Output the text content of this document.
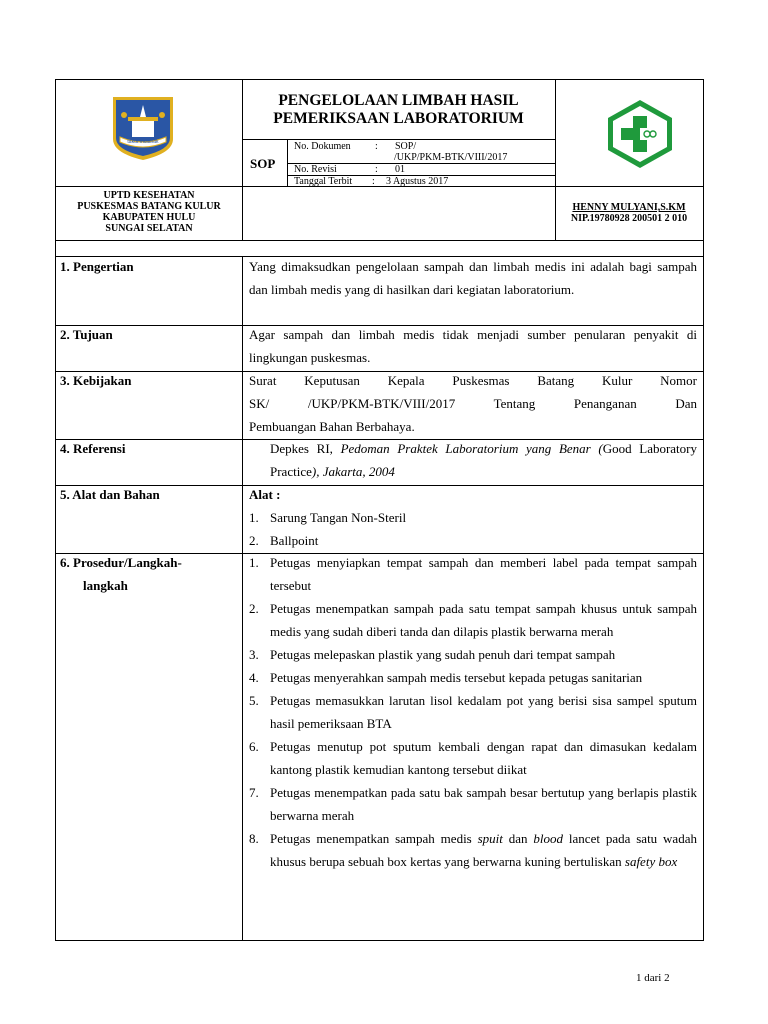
takut mulahak
PENGELOLAAN LIMBAH HASIL
PEMERIKSAAN LABORATORIUM
SOP
No. Dokumen : SOP/
/UKP/PKM-BTK/VIII/2017
No. Revisi	: 01
Tanggal Terbit : 3 Agustus 2017
UPTD KESEHATAN
PUSKESMAS BATANG KULUR
KABUPATEN HULU
SUNGAI SELATAN
HENNY MULYANI,S.KM
NIP.19780928 200501 2 010
1. Pengertian	Yang dimaksudkan pengelolaan sampah dan limbah medis ini adalah bagi sampah dan limbah medis yang di hasilkan dari kegiatan laboratorium.
2. Tujuan	Agar sampah dan limbah medis tidak menjadi sumber penularan penyakit di lingkungan puskesmas.
3. Kebijakan	Surat Keputusan Kepala Puskesmas Batang Kulur Nomor
SK/ /UKP/PKM-BTK/VIII/2017 Tentang Penanganan Dan
Pembuangan Bahan Berbahaya.
4. Referensi	Depkes RI, Pedoman Praktek Laboratorium yang Benar (Good Laboratory Practice), Jakarta, 2004
5. Alat dan Bahan	Alat :
1. Sarung Tangan Non-Steril
2. Ballpoint
6. Prosedur/Langkah-
langkah
1. Petugas menyiapkan tempat sampah dan memberi label pada tempat sampah tersebut
2. Petugas menempatkan sampah pada satu tempat sampah khusus untuk sampah medis yang sudah diberi tanda dan dilapis plastik berwarna merah
3. Petugas melepaskan plastik yang sudah penuh dari tempat sampah
4. Petugas menyerahkan sampah medis tersebut kepada petugas sanitarian
5. Petugas memasukkan larutan lisol kedalam pot yang berisi sisa sampel sputum hasil pemeriksaan BTA
6. Petugas menutup pot sputum kembali dengan rapat dan dimasukan kedalam kantong plastik kemudian kantong tersebut diikat
7. Petugas menempatkan pada satu bak sampah besar bertutup yang berlapis plastik berwarna merah
8. Petugas menempatkan sampah medis spuit dan blood lancet pada satu wadah khusus berupa sebuah box kertas yang berwarna kuning bertuliskan safety box
1 dari 2
